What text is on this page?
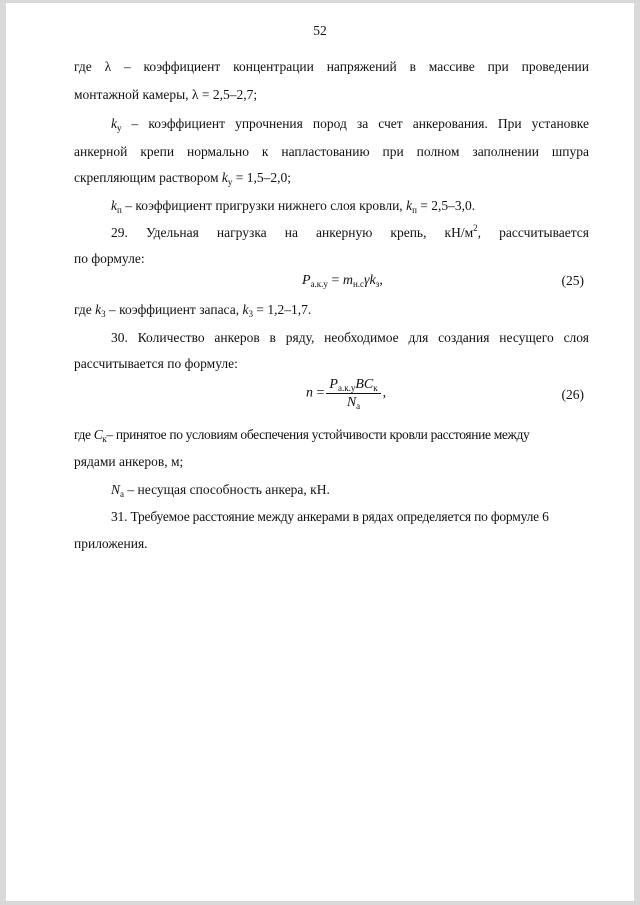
52
где λ – коэффициент концентрации напряжений в массиве при проведении
монтажной камеры, λ = 2,5–2,7;
$k_у$ – коэффициент упрочнения пород за счет анкерования. При установке
анкерной крепи нормально к напластованию при полном заполнении шпура
скрепляющим раствором $k_у = 1,5-2,0$;
$k_п$ – коэффициент пригрузки нижнего слоя кровли, $k_п = 2,5-3,0$.
29. Удельная нагрузка на анкерную крепь, $кН/м^2$, рассчитывается
по формуле:
$P_{а.к.у} = m_{н.с}\gamma k_з$,	(25)
где $k_3$ – коэффициент запаса, $k_3 = 1,2-1,7$.
30. Количество анкеров в ряду, необходимое для создания несущего слоя
рассчитывается по формуле:
$n = \frac{P_{а.к.у}BC_к}{N_а}$ ,	(26)
где $C_к-$ принятое по условиям обеспечения устойчивости кровли расстояние между
рядами анкеров, м;
$N_а$ – несущая способность анкера, кН.
31. Требуемое расстояние между анкерами в рядах определяется по формуле 6
приложения.
